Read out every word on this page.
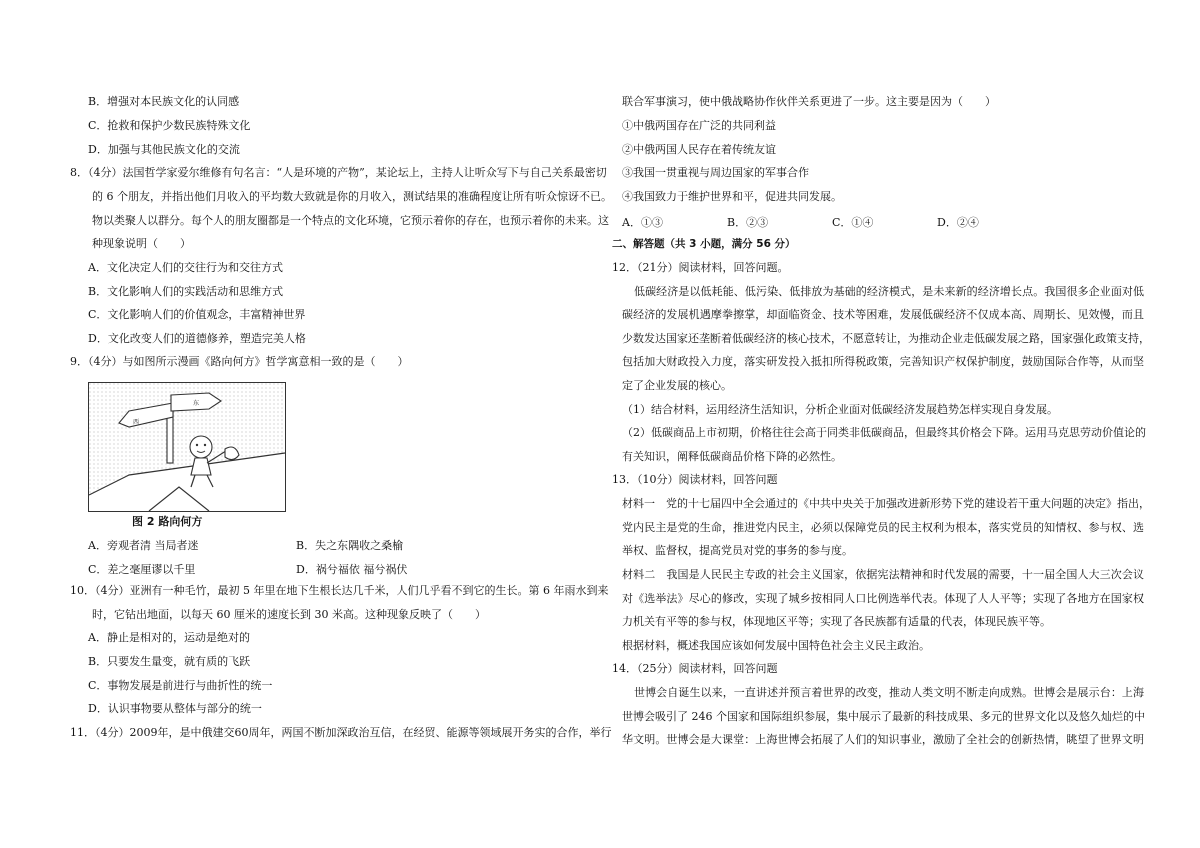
B．增强对本民族文化的认同感
C．抢救和保护少数民族特殊文化
D．加强与其他民族文化的交流
8．（4分）法国哲学家爱尔维修有句名言：“人是环境的产物”，某论坛上，主持人让听众写下与自己关系最密切
的 6 个朋友，并指出他们月收入的平均数大致就是你的月收入，测试结果的准确程度让所有听众惊讶不已。
物以类聚人以群分。每个人的朋友圈都是一个特点的文化环境，它预示着你的存在，也预示着你的未来。这
种现象说明（　　）
A．文化决定人们的交往行为和交往方式
B．文化影响人们的实践活动和思维方式
C．文化影响人们的价值观念，丰富精神世界
D．文化改变人们的道德修养，塑造完美人格
9．（4分）与如图所示漫画《路向何方》哲学寓意相一致的是（　　）
西
东
图 2 路向何方
A．旁观者清 当局者迷	B．失之东隅收之桑榆
C．差之毫厘谬以千里	D．祸兮福依 福兮祸伏
10．（4分）亚洲有一种毛竹，最初 5 年里在地下生根长达几千米，人们几乎看不到它的生长。第 6 年雨水到来
时，它钻出地面，以每天 60 厘米的速度长到 30 米高。这种现象反映了（　　）
A．静止是相对的，运动是绝对的
B．只要发生量变，就有质的飞跃
C．事物发展是前进行与曲折性的统一
D．认识事物要从整体与部分的统一
11．（4分）2009年，是中俄建交60周年，两国不断加深政治互信，在经贸、能源等领域展开务实的合作，举行
联合军事演习，使中俄战略协作伙伴关系更进了一步。这主要是因为（　　）
①中俄两国存在广泛的共同利益
②中俄两国人民存在着传统友谊
③我国一贯重视与周边国家的军事合作
④我国致力于维护世界和平，促进共同发展。
A．①③	B．②③	C．①④	D．②④
二、解答题（共 3 小题，满分 56 分）
12．（21分）阅读材料，回答问题。
低碳经济是以低耗能、低污染、低排放为基础的经济模式，是未来新的经济增长点。我国很多企业面对低
碳经济的发展机遇摩拳擦掌，却面临资金、技术等困难，发展低碳经济不仅成本高、周期长、见效慢，而且
少数发达国家还垄断着低碳经济的核心技术，不愿意转让，为推动企业走低碳发展之路，国家强化政策支持，
包括加大财政投入力度，落实研发投入抵扣所得税政策，完善知识产权保护制度，鼓励国际合作等，从而坚
定了企业发展的核心。
（1）结合材料，运用经济生活知识，分析企业面对低碳经济发展趋势怎样实现自身发展。
（2）低碳商品上市初期，价格往往会高于同类非低碳商品，但最终其价格会下降。运用马克思劳动价值论的
有关知识，阐释低碳商品价格下降的必然性。
13．（10分）阅读材料，回答问题
材料一　党的十七届四中全会通过的《中共中央关于加强改进新形势下党的建设若干重大问题的决定》指出，
党内民主是党的生命，推进党内民主，必须以保障党员的民主权利为根本，落实党员的知情权、参与权、选
举权、监督权，提高党员对党的事务的参与度。
材料二　我国是人民民主专政的社会主义国家，依据宪法精神和时代发展的需要，十一届全国人大三次会议
对《选举法》尽心的修改，实现了城乡按相同人口比例选举代表。体现了人人平等；实现了各地方在国家权
力机关有平等的参与权，体现地区平等；实现了各民族都有适量的代表，体现民族平等。
根据材料，概述我国应该如何发展中国特色社会主义民主政治。
14．（25分）阅读材料，回答问题
世博会自诞生以来，一直讲述并预言着世界的改变，推动人类文明不断走向成熟。世博会是展示台：上海
世博会吸引了 246 个国家和国际组织参展，集中展示了最新的科技成果、多元的世界文化以及悠久灿烂的中
华文明。世博会是大课堂：上海世博会拓展了人们的知识事业，激励了全社会的创新热情，眺望了世界文明
